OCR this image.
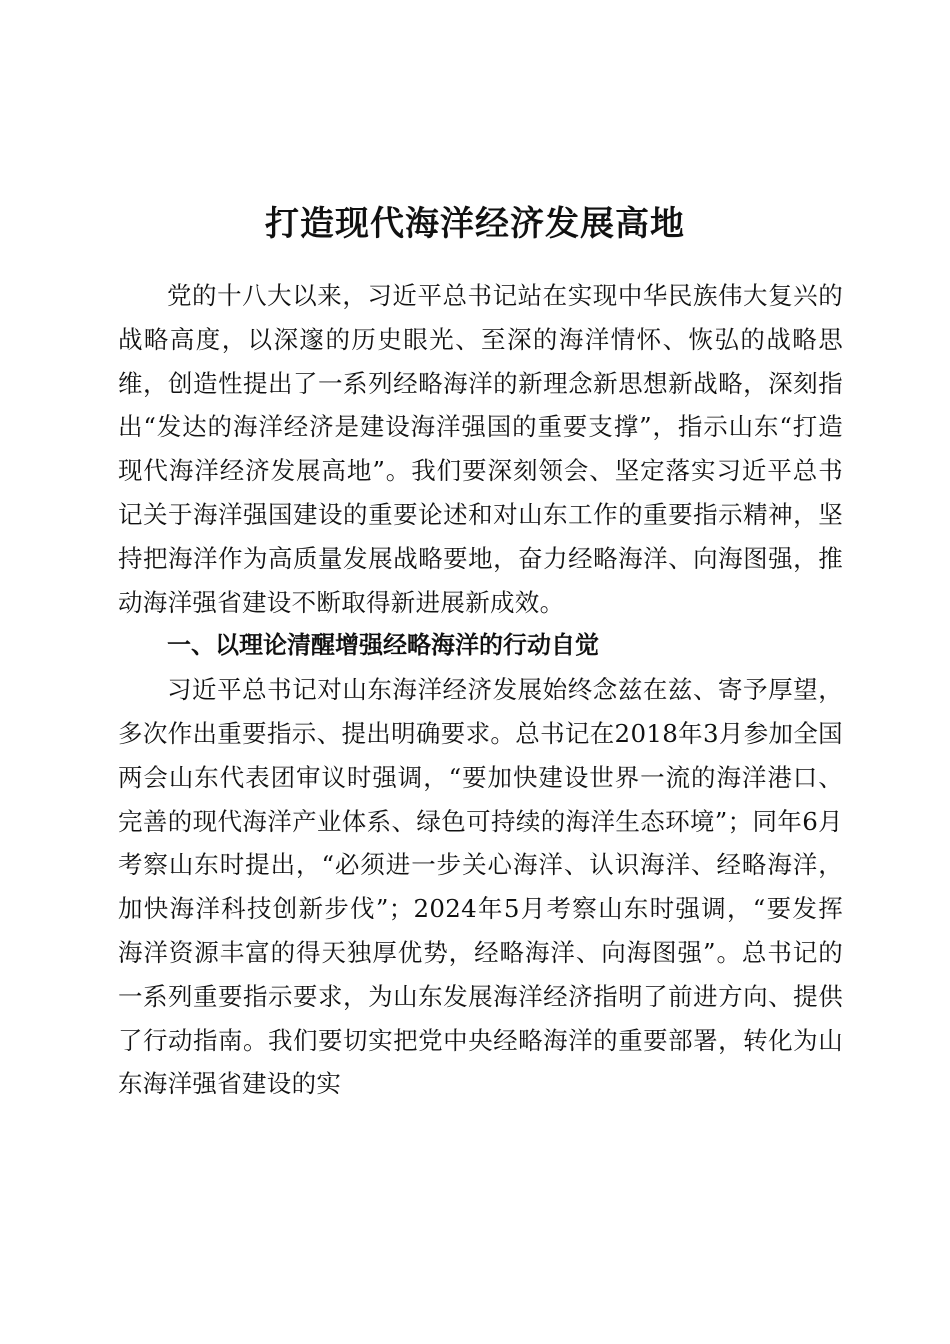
打造现代海洋经济发展高地

党的十八大以来，习近平总书记站在实现中华民族伟大复兴的战略高度，以深邃的历史眼光、至深的海洋情怀、恢弘的战略思维，创造性提出了一系列经略海洋的新理念新思想新战略，深刻指出“发达的海洋经济是建设海洋强国的重要支撑”，指示山东“打造现代海洋经济发展高地”。我们要深刻领会、坚定落实习近平总书记关于海洋强国建设的重要论述和对山东工作的重要指示精神，坚持把海洋作为高质量发展战略要地，奋力经略海洋、向海图强，推动海洋强省建设不断取得新进展新成效。

一、以理论清醒增强经略海洋的行动自觉

习近平总书记对山东海洋经济发展始终念兹在兹、寄予厚望，多次作出重要指示、提出明确要求。总书记在2018年3月参加全国两会山东代表团审议时强调，“要加快建设世界一流的海洋港口、完善的现代海洋产业体系、绿色可持续的海洋生态环境”；同年6月考察山东时提出，“必须进一步关心海洋、认识海洋、经略海洋，加快海洋科技创新步伐”；2024年5月考察山东时强调，“要发挥海洋资源丰富的得天独厚优势，经略海洋、向海图强”。总书记的一系列重要指示要求，为山东发展海洋经济指明了前进方向、提供了行动指南。我们要切实把党中央经略海洋的重要部署，转化为山东海洋强省建设的实
